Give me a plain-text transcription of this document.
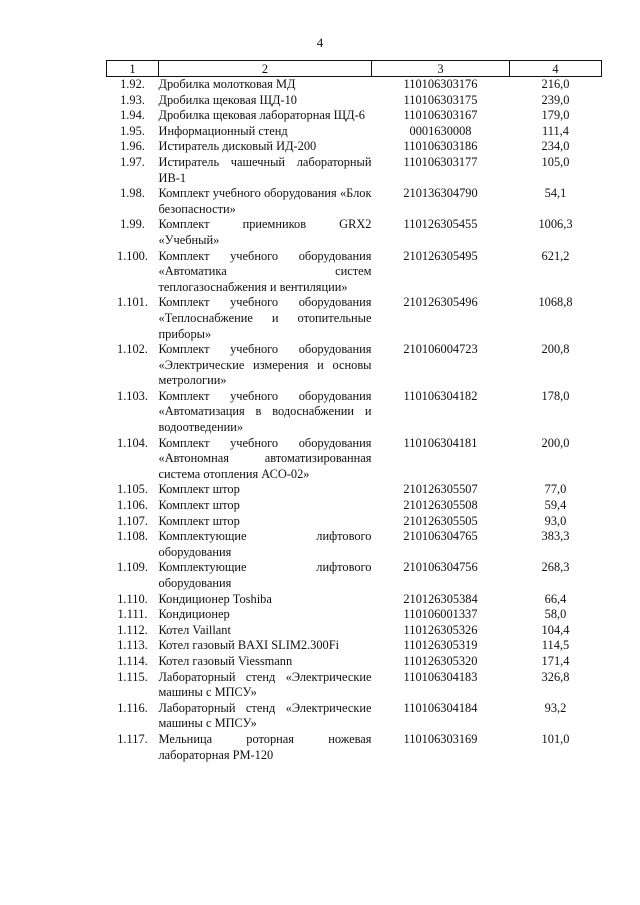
4
1	2	3	4
1.92.	Дробилка молотковая МД	110106303176	216,0
1.93.	Дробилка щековая ЩД-10	110106303175	239,0
1.94.	Дробилка щековая лабораторная ЩД-6	110106303167	179,0
1.95.	Информационный стенд	0001630008	111,4
1.96.	Истиратель дисковый ИД-200	110106303186	234,0
1.97.	Истиратель чашечный лабораторный ИВ-1	110106303177	105,0
1.98.	Комплект учебного оборудования «Блок безопасности»	210136304790	54,1
1.99.	Комплект приемников GRX2 «Учебный»	110126305455	1006,3
1.100.	Комплект учебного оборудования «Автоматика систем теплогазоснабжения и вентиляции»	210126305495	621,2
1.101.	Комплект учебного оборудования «Теплоснабжение и отопительные приборы»	210126305496	1068,8
1.102.	Комплект учебного оборудования «Электрические измерения и основы метрологии»	210106004723	200,8
1.103.	Комплект учебного оборудования «Автоматизация в водоснабжении и водоотведении»	110106304182	178,0
1.104.	Комплект учебного оборудования «Автономная автоматизированная система отопления АСО-02»	110106304181	200,0
1.105.	Комплект штор	210126305507	77,0
1.106.	Комплект штор	210126305508	59,4
1.107.	Комплект штор	210126305505	93,0
1.108.	Комплектующие лифтового оборудования	210106304765	383,3
1.109.	Комплектующие лифтового оборудования	210106304756	268,3
1.110.	Кондиционер Toshiba	210126305384	66,4
1.111.	Кондиционер	110106001337	58,0
1.112.	Котел Vaillant	110126305326	104,4
1.113.	Котел газовый BAXI SLIM2.300Fi	110126305319	114,5
1.114.	Котел газовый Viessmann	110126305320	171,4
1.115.	Лабораторный стенд «Электрические машины с МПСУ»	110106304183	326,8
1.116.	Лабораторный стенд «Электрические машины с МПСУ»	110106304184	93,2
1.117.	Мельница роторная ножевая лабораторная РМ-120	110106303169	101,0
